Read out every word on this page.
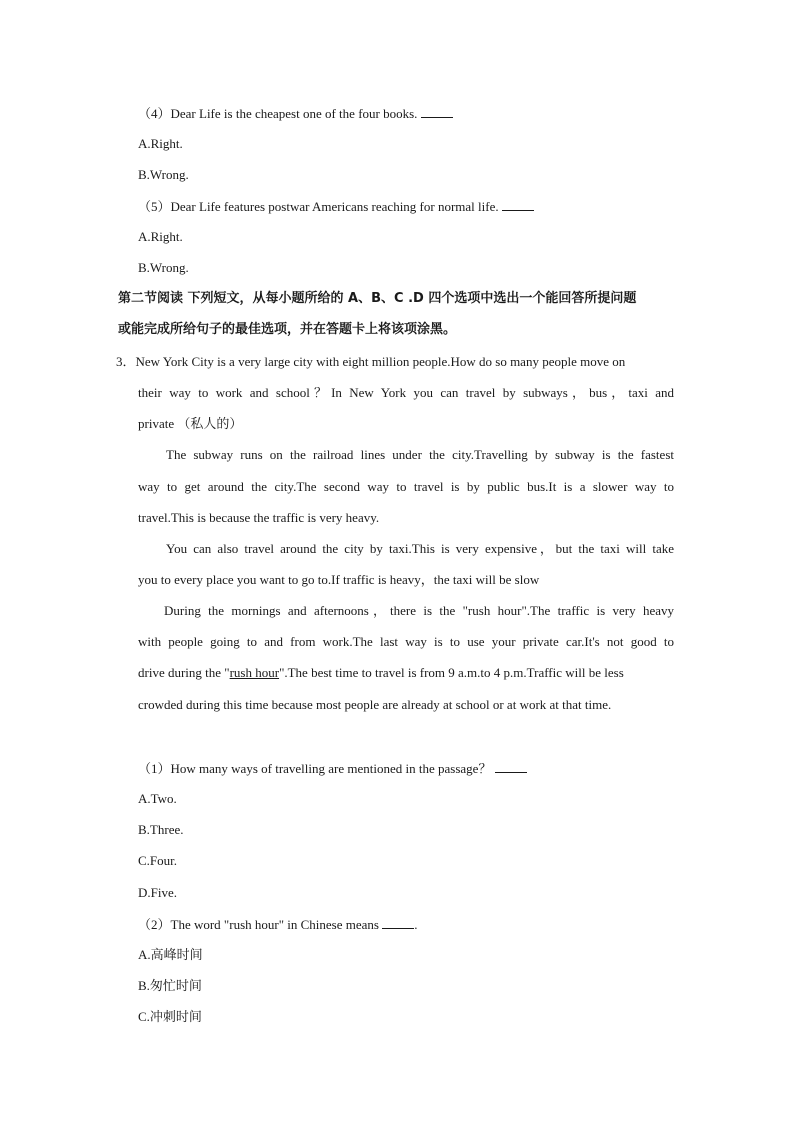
（4）Dear Life is the cheapest one of the four books.
A.Right.
B.Wrong.
（5）Dear Life features postwar Americans reaching for normal life.
A.Right.
B.Wrong.
第二节阅读 下列短文，从每小题所给的 A、B、C .D 四个选项中选出一个能回答所提问题
或能完成所给句子的最佳选项，并在答题卡上将该项涂黑。
3．New York City is a very large city with eight million people.How do so many people move on
their way to work and school？In New York you can travel by subways，bus，taxi and
private （私人的）
The subway runs on the railroad lines under the city.Travelling by subway is the fastest
way to get around the city.The second way to travel is by public bus.It is a slower way to
travel.This is because the traffic is very heavy.
You can also travel around the city by taxi.This is very expensive，but the taxi will take
you to every place you want to go to.If traffic is heavy，the taxi will be slow
During the mornings and afternoons，there is the "rush hour".The traffic is very heavy
with people going to and from work.The last way is to use your private car.It's not good to
drive during the "rush hour".The best time to travel is from 9 a.m.to 4 p.m.Traffic will be less
crowded during this time because most people are already at school or at work at that time.
（1）How many ways of travelling are mentioned in the passage？
A.Two.
B.Three.
C.Four.
D.Five.
（2）The word "rush hour" in Chinese means .
A.高峰时间
B.匆忙时间
C.冲刺时间
